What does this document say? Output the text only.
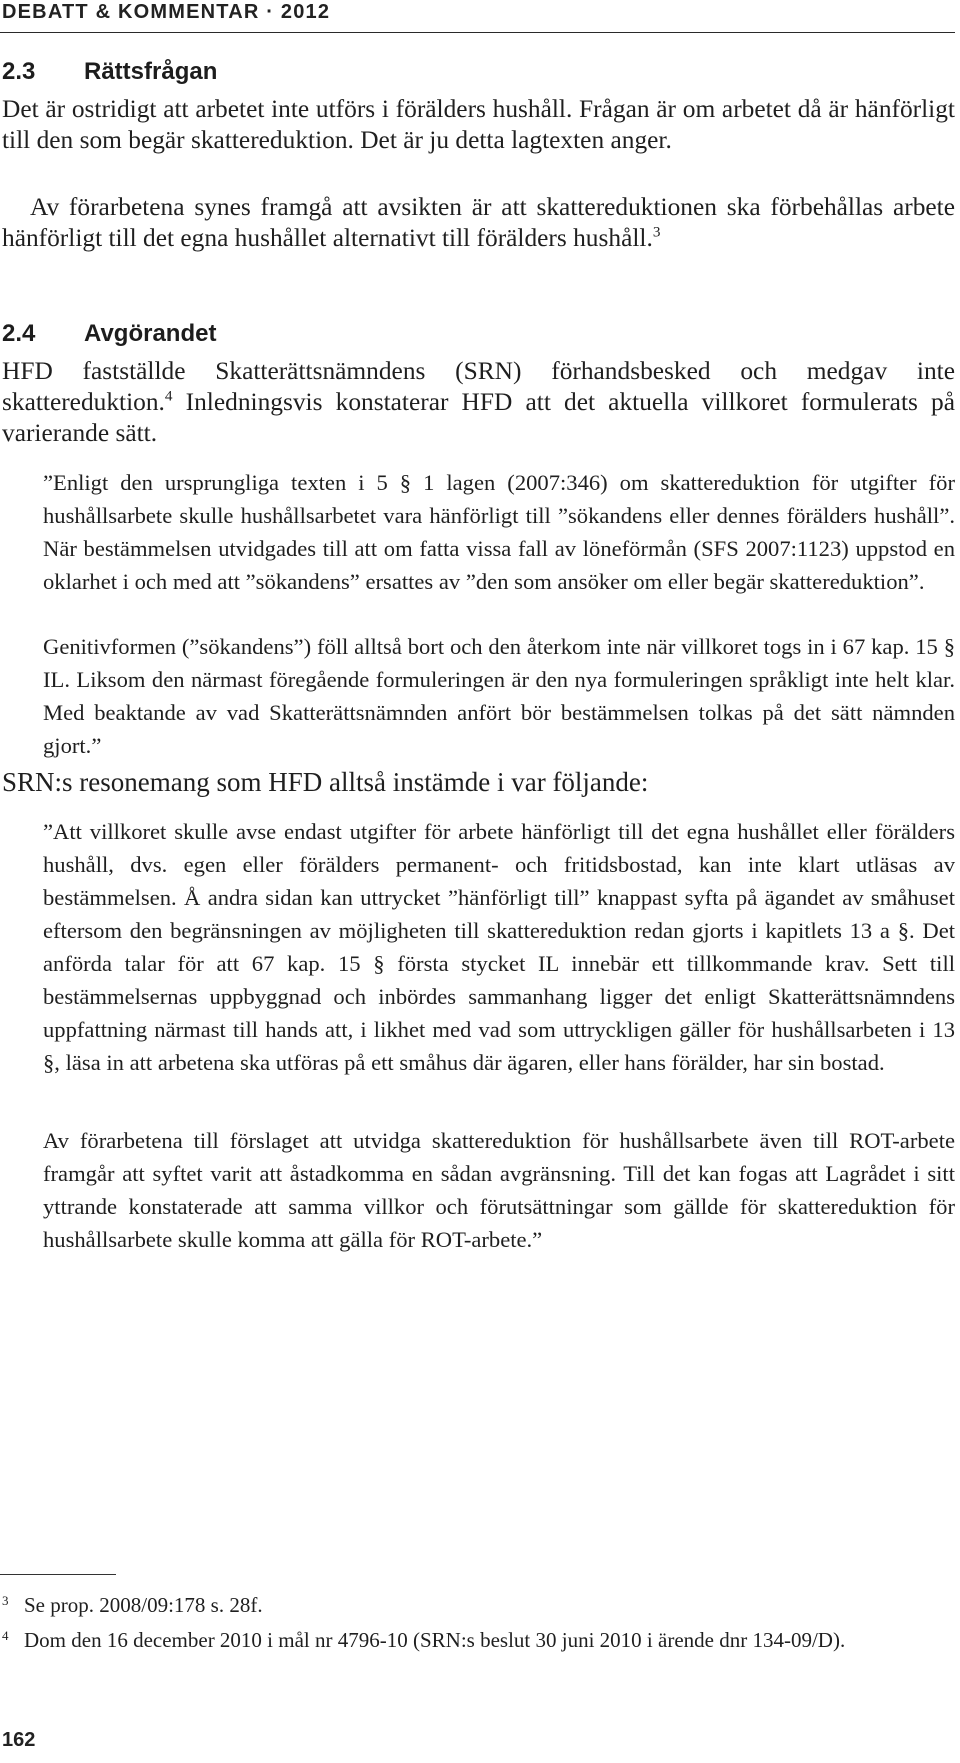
DEBATT & KOMMENTAR · 2012
2.3 Rättsfrågan

Det är ostridigt att arbetet inte utförs i förälders hushåll. Frågan är om arbetet då är hänförligt till den som begär skattereduktion. Det är ju detta lagtexten anger.

Av förarbetena synes framgå att avsikten är att skattereduktionen ska förbehållas arbete hänförligt till det egna hushållet alternativt till förälders hushåll.$^3$

2.4 Avgörandet

HFD fastställde Skatterättsnämndens (SRN) förhandsbesked och medgav inte skattereduktion.$^4$ Inledningsvis konstaterar HFD att det aktuella villkoret formulerats på varierande sätt.

”Enligt den ursprungliga texten i 5 § 1 lagen (2007:346) om skattereduktion för utgifter för hushållsarbete skulle hushållsarbetet vara hänförligt till ”sökandens eller dennes förälders hushåll”. När bestämmelsen utvidgades till att om fatta vissa fall av löneförmån (SFS 2007:1123) uppstod en oklarhet i och med att ”sökandens” ersattes av ”den som ansöker om eller begär skattereduktion”.

Genitivformen (”sökandens”) föll alltså bort och den återkom inte när villkoret togs in i 67 kap. 15 § IL. Liksom den närmast föregående formuleringen är den nya formuleringen språkligt inte helt klar. Med beaktande av vad Skatterättsnämnden anfört bör bestämmelsen tolkas på det sätt nämnden gjort.”

SRN:s resonemang som HFD alltså instämde i var följande:

”Att villkoret skulle avse endast utgifter för arbete hänförligt till det egna hushållet eller förälders hushåll, dvs. egen eller förälders permanent- och fritidsbostad, kan inte klart utläsas av bestämmelsen. Å andra sidan kan uttrycket ”hänförligt till” knappast syfta på ägandet av småhuset eftersom den begränsningen av möjligheten till skattereduktion redan gjorts i kapitlets 13 a §. Det anförda talar för att 67 kap. 15 § första stycket IL innebär ett tillkommande krav. Sett till bestämmelsernas uppbyggnad och inbördes sammanhang ligger det enligt Skatterättsnämndens uppfattning närmast till hands att, i likhet med vad som uttryckligen gäller för hushållsarbeten i 13 §, läsa in att arbetena ska utföras på ett småhus där ägaren, eller hans förälder, har sin bostad.

Av förarbetena till förslaget att utvidga skattereduktion för hushållsarbete även till ROT-arbete framgår att syftet varit att åstadkomma en sådan avgränsning. Till det kan fogas att Lagrådet i sitt yttrande konstaterade att samma villkor och förutsättningar som gällde för skattereduktion för hushållsarbete skulle komma att gälla för ROT-arbete.”

3 Se prop. 2008/09:178 s. 28f.

4 Dom den 16 december 2010 i mål nr 4796-10 (SRN:s beslut 30 juni 2010 i ärende dnr 134-09/D).

162
